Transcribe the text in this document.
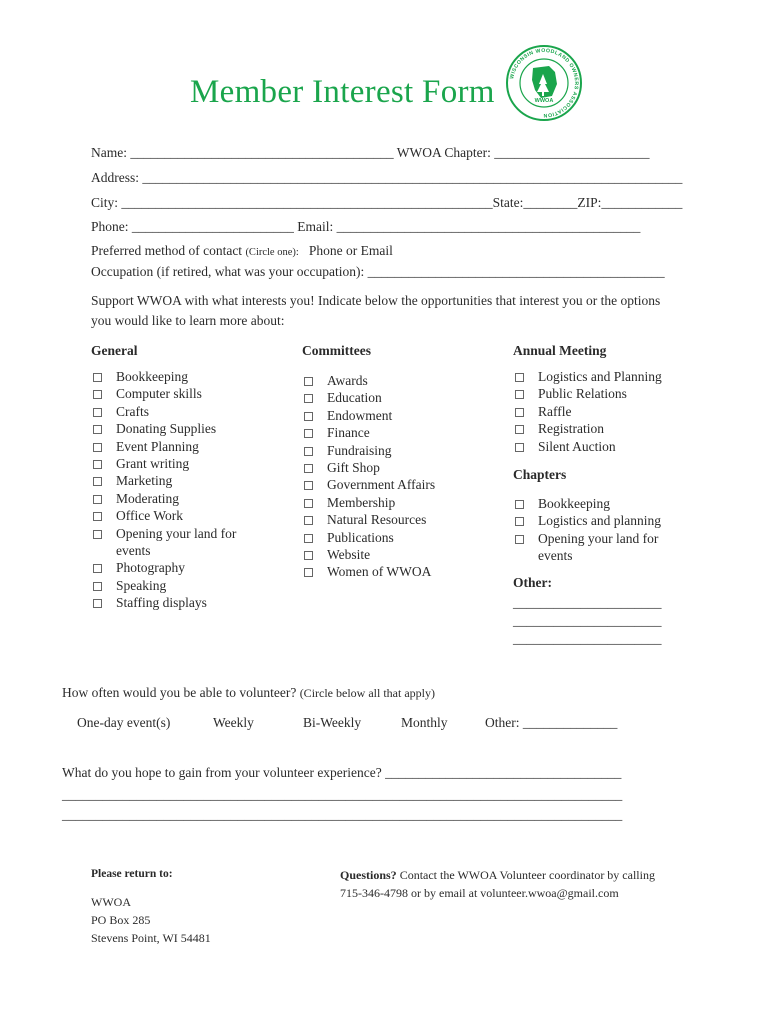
Member Interest Form	WWOA
WISCONSIN WOODLAND OWNERS ASSOCIATION
Name: _______________________________________ WWOA Chapter: _______________________
Address: ________________________________________________________________________________
City: _______________________________________________________State:________ZIP:____________
Phone: ________________________ Email: _____________________________________________
Preferred method of contact (Circle one): Phone or Email
Occupation (if retired, what was your occupation): ____________________________________________
Support WWOA with what interests you! Indicate below the opportunities that interest you or the options
you would like to learn more about:
General	Committees	Annual Meeting
Bookkeeping
Computer skills
Crafts
Donating Supplies
Event Planning
Grant writing
Marketing
Moderating
Office Work
Opening your land for events
Photography
Speaking
Staffing displays
Awards
Education
Endowment
Finance
Fundraising
Gift Shop
Government Affairs
Membership
Natural Resources
Publications
Website
Women of WWOA
Logistics and Planning
Public Relations
Raffle
Registration
Silent Auction
Chapters
Bookkeeping
Logistics and planning
Opening your land for events
Other:
______________________
______________________
______________________
How often would you be able to volunteer? (Circle below all that apply)
One-day event(s)	Weekly	Bi-Weekly	Monthly	Other: ______________
What do you hope to gain from your volunteer experience? ___________________________________
___________________________________________________________________________________
___________________________________________________________________________________
Please return to:
WWOA
PO Box 285
Stevens Point, WI 54481
Questions? Contact the WWOA Volunteer coordinator by calling
715-346-4798 or by email at volunteer.wwoa@gmail.com
